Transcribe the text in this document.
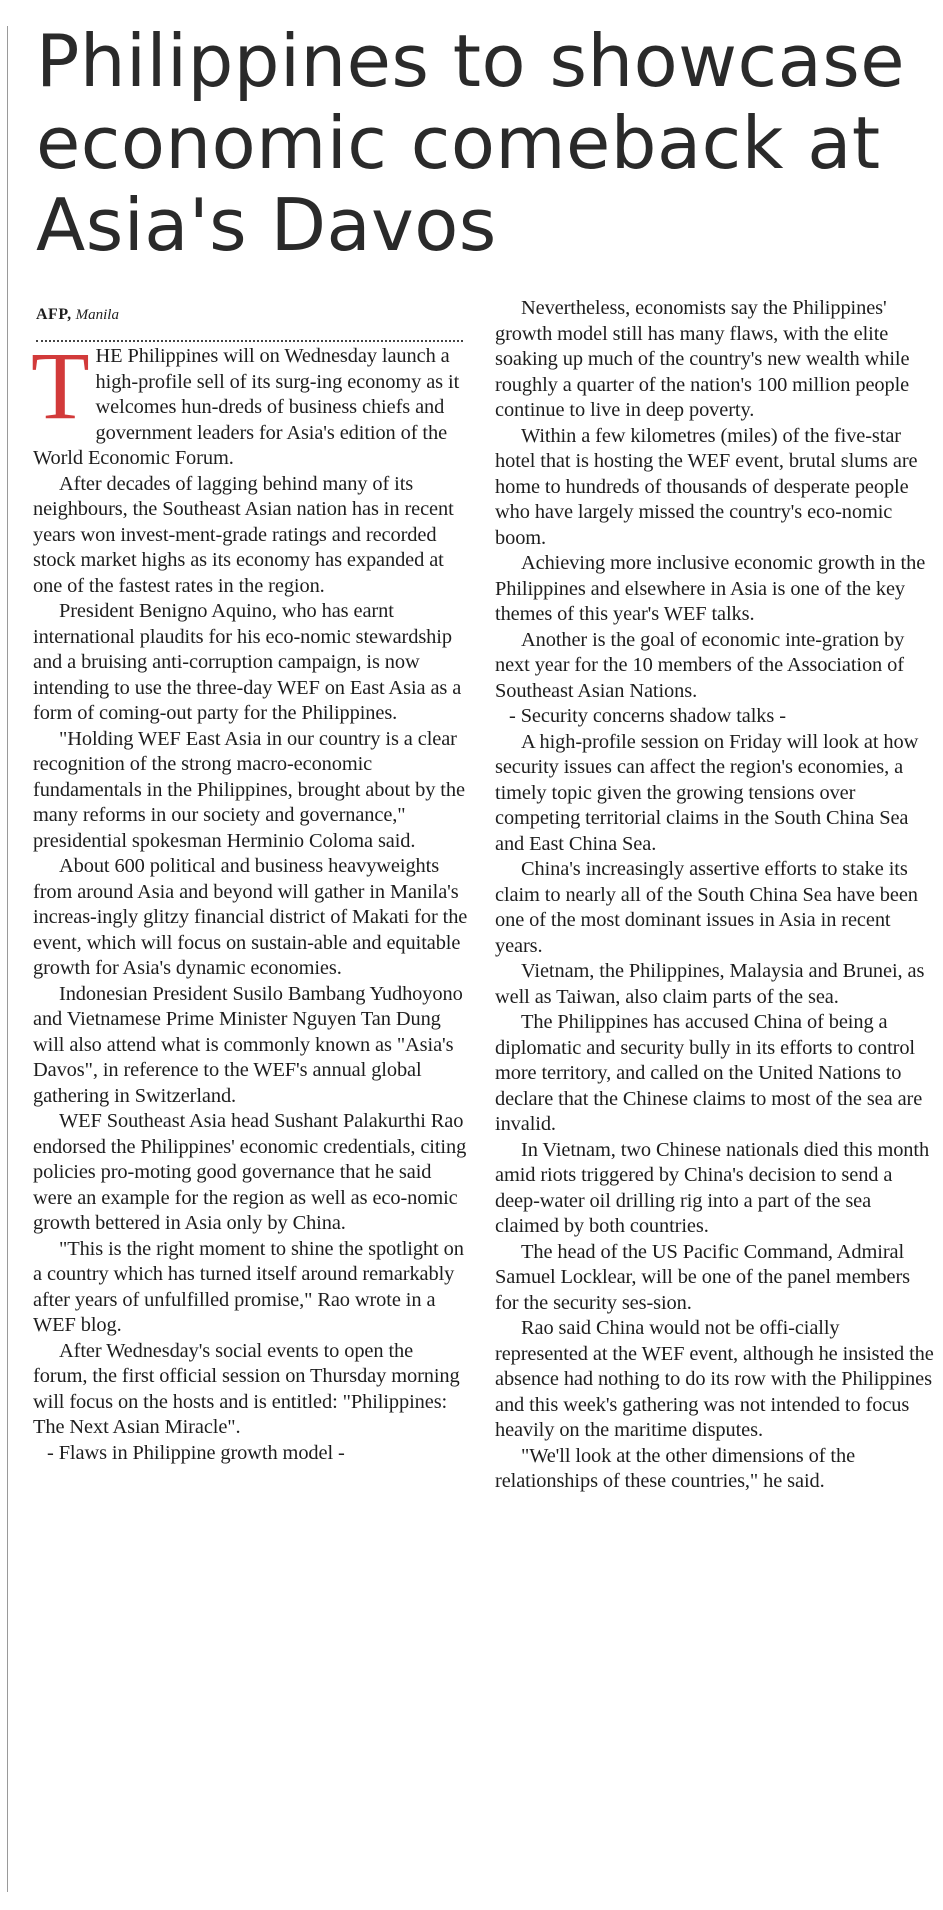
Philippines to showcase economic comeback at Asia's Davos
AFP, Manila

THE Philippines will on Wednesday launch a high-profile sell of its surg-ing economy as it welcomes hun-dreds of business chiefs and government leaders for Asia's edition of the World Economic Forum.

After decades of lagging behind many of its neighbours, the Southeast Asian nation has in recent years won invest-ment-grade ratings and recorded stock market highs as its economy has expanded at one of the fastest rates in the region.

President Benigno Aquino, who has earnt international plaudits for his eco-nomic stewardship and a bruising anti-corruption campaign, is now intending to use the three-day WEF on East Asia as a form of coming-out party for the Philippines.

"Holding WEF East Asia in our country is a clear recognition of the strong macro-economic fundamentals in the Philippines, brought about by the many reforms in our society and governance," presidential spokesman Herminio Coloma said.

About 600 political and business heavyweights from around Asia and beyond will gather in Manila's increas-ingly glitzy financial district of Makati for the event, which will focus on sustain-able and equitable growth for Asia's dynamic economies.

Indonesian President Susilo Bambang Yudhoyono and Vietnamese Prime Minister Nguyen Tan Dung will also attend what is commonly known as "Asia's Davos", in reference to the WEF's annual global gathering in Switzerland.

WEF Southeast Asia head Sushant Palakurthi Rao endorsed the Philippines' economic credentials, citing policies pro-moting good governance that he said were an example for the region as well as eco-nomic growth bettered in Asia only by China.

"This is the right moment to shine the spotlight on a country which has turned itself around remarkably after years of unfulfilled promise," Rao wrote in a WEF blog.

After Wednesday's social events to open the forum, the first official session on Thursday morning will focus on the hosts and is entitled: "Philippines: The Next Asian Miracle".

- Flaws in Philippine growth model -

Nevertheless, economists say the Philippines' growth model still has many flaws, with the elite soaking up much of the country's new wealth while roughly a quarter of the nation's 100 million people continue to live in deep poverty.

Within a few kilometres (miles) of the five-star hotel that is hosting the WEF event, brutal slums are home to hundreds of thousands of desperate people who have largely missed the country's eco-nomic boom.

Achieving more inclusive economic growth in the Philippines and elsewhere in Asia is one of the key themes of this year's WEF talks.

Another is the goal of economic inte-gration by next year for the 10 members of the Association of Southeast Asian Nations.

- Security concerns shadow talks -

A high-profile session on Friday will look at how security issues can affect the region's economies, a timely topic given the growing tensions over competing territorial claims in the South China Sea and East China Sea.

China's increasingly assertive efforts to stake its claim to nearly all of the South China Sea have been one of the most dominant issues in Asia in recent years.

Vietnam, the Philippines, Malaysia and Brunei, as well as Taiwan, also claim parts of the sea.

The Philippines has accused China of being a diplomatic and security bully in its efforts to control more territory, and called on the United Nations to declare that the Chinese claims to most of the sea are invalid.

In Vietnam, two Chinese nationals died this month amid riots triggered by China's decision to send a deep-water oil drilling rig into a part of the sea claimed by both countries.

The head of the US Pacific Command, Admiral Samuel Locklear, will be one of the panel members for the security ses-sion.

Rao said China would not be offi-cially represented at the WEF event, although he insisted the absence had nothing to do its row with the Philippines and this week's gathering was not intended to focus heavily on the maritime disputes.

"We'll look at the other dimensions of the relationships of these countries," he said.
